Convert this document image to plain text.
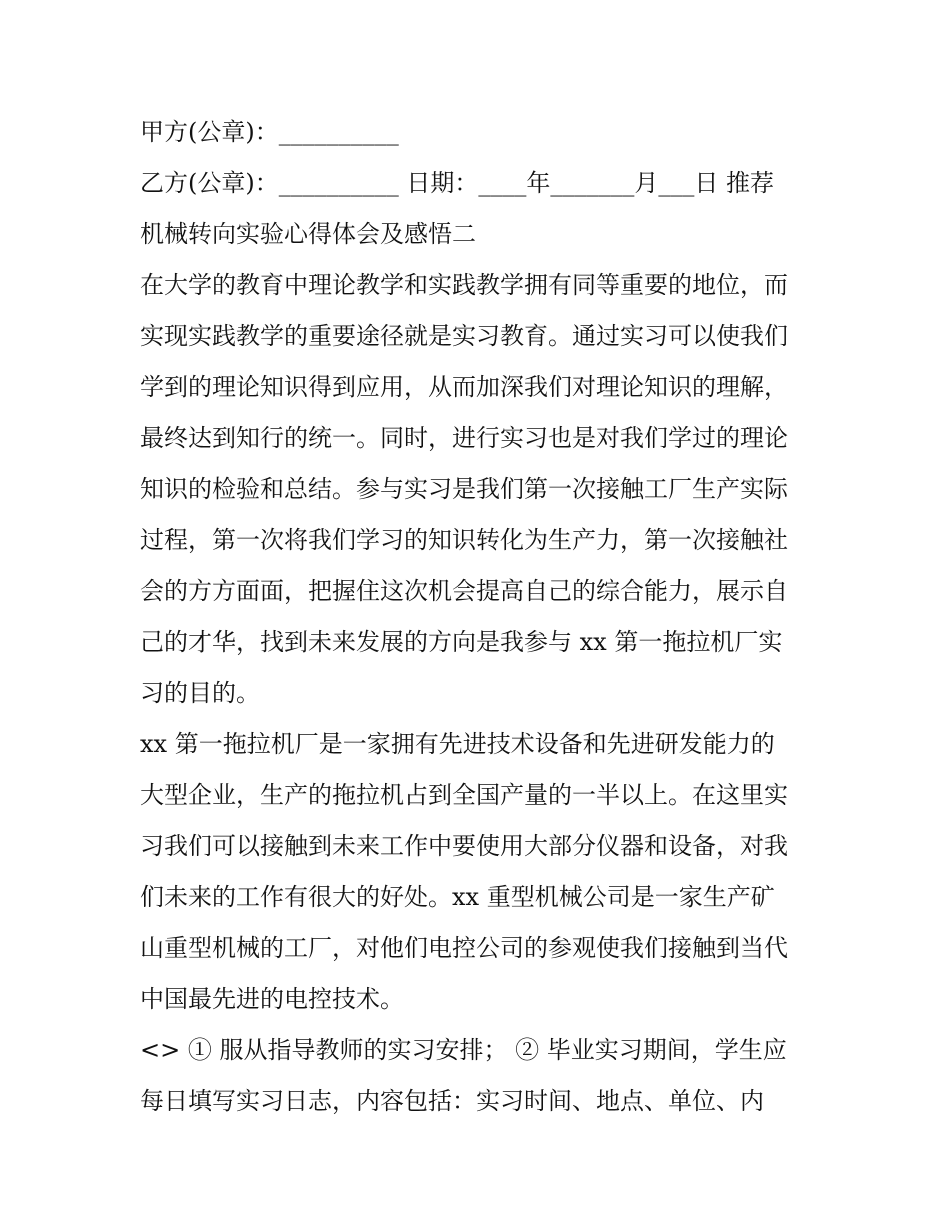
甲方(公章)：__________
乙方(公章)：__________ 日期：____年_______月___日 推荐
机械转向实验心得体会及感悟二
在大学的教育中理论教学和实践教学拥有同等重要的地位，而
实现实践教学的重要途径就是实习教育。通过实习可以使我们
学到的理论知识得到应用，从而加深我们对理论知识的理解，
最终达到知行的统一。同时，进行实习也是对我们学过的理论
知识的检验和总结。参与实习是我们第一次接触工厂生产实际
过程，第一次将我们学习的知识转化为生产力，第一次接触社
会的方方面面，把握住这次机会提高自己的综合能力，展示自
己的才华，找到未来发展的方向是我参与 xx 第一拖拉机厂实
习的目的。
xx 第一拖拉机厂是一家拥有先进技术设备和先进研发能力的
大型企业，生产的拖拉机占到全国产量的一半以上。在这里实
习我们可以接触到未来工作中要使用大部分仪器和设备，对我
们未来的工作有很大的好处。xx 重型机械公司是一家生产矿
山重型机械的工厂，对他们电控公司的参观使我们接触到当代
中国最先进的电控技术。
<> ① 服从指导教师的实习安排； ② 毕业实习期间，学生应
每日填写实习日志，内容包括：实习时间、地点、单位、内
